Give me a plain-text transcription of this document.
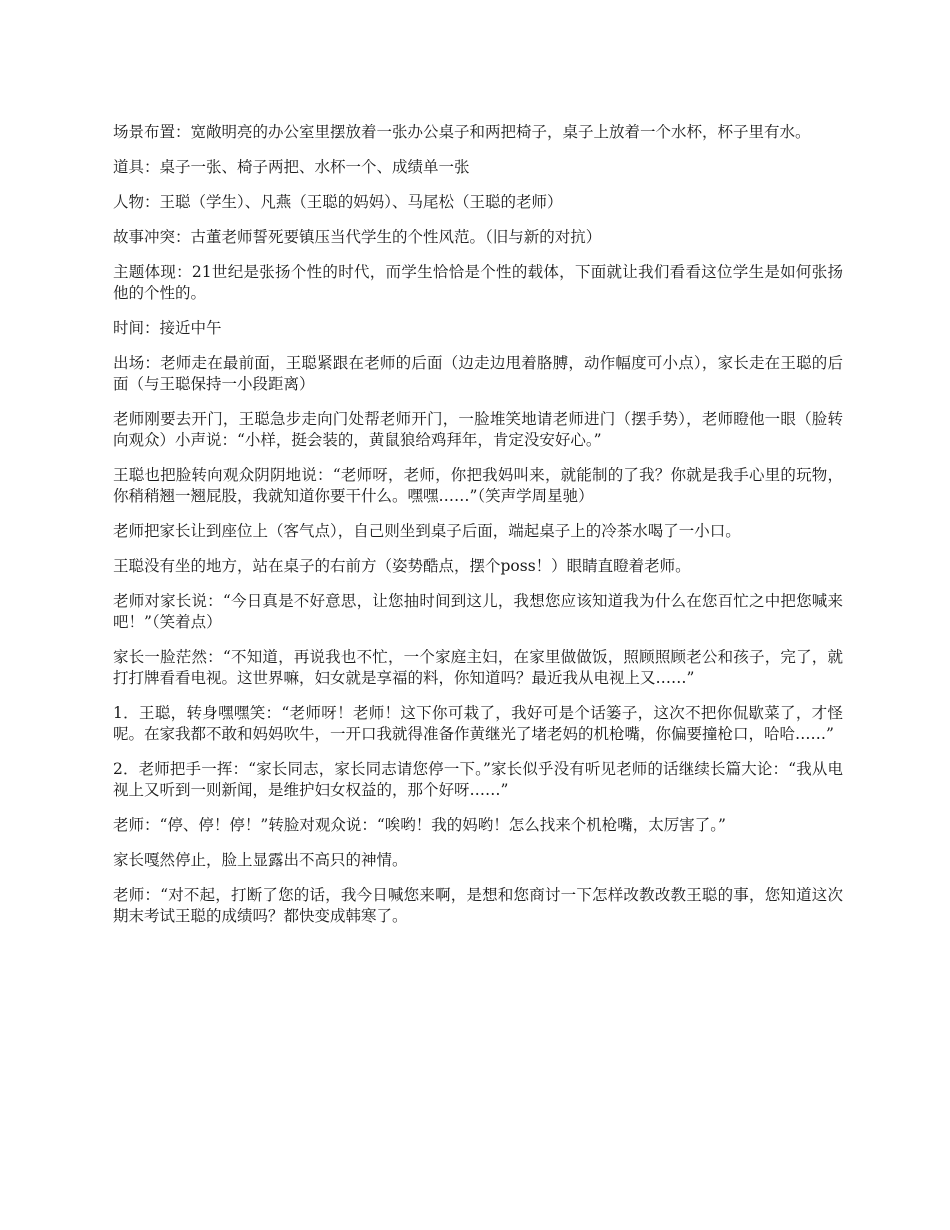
场景布置：宽敞明亮的办公室里摆放着一张办公桌子和两把椅子，桌子上放着一个水杯，杯子里有水。

道具：桌子一张、椅子两把、水杯一个、成绩单一张

人物：王聪（学生）、凡燕（王聪的妈妈）、马尾松（王聪的老师）

故事冲突：古董老师誓死要镇压当代学生的个性风范。（旧与新的对抗）

主题体现：21世纪是张扬个性的时代，而学生恰恰是个性的载体，下面就让我们看看这位学生是如何张扬他的个性的。

时间：接近中午

出场：老师走在最前面，王聪紧跟在老师的后面（边走边甩着胳膊，动作幅度可小点），家长走在王聪的后面（与王聪保持一小段距离）

老师刚要去开门，王聪急步走向门处帮老师开门，一脸堆笑地请老师进门（摆手势），老师瞪他一眼（脸转向观众）小声说：“小样，挺会装的，黄鼠狼给鸡拜年，肯定没安好心。”

王聪也把脸转向观众阴阴地说：“老师呀，老师，你把我妈叫来，就能制的了我？你就是我手心里的玩物，你稍稍翘一翘屁股，我就知道你要干什么。嘿嘿……”（笑声学周星驰）

老师把家长让到座位上（客气点），自己则坐到桌子后面，端起桌子上的冷茶水喝了一小口。

王聪没有坐的地方，站在桌子的右前方（姿势酷点，摆个poss！）眼睛直瞪着老师。

老师对家长说：“今日真是不好意思，让您抽时间到这儿，我想您应该知道我为什么在您百忙之中把您喊来吧！”（笑着点）

家长一脸茫然：“不知道，再说我也不忙，一个家庭主妇，在家里做做饭，照顾照顾老公和孩子，完了，就打打牌看看电视。这世界嘛，妇女就是享福的料，你知道吗？最近我从电视上又……”

1．王聪，转身嘿嘿笑：“老师呀！老师！这下你可栽了，我好可是个话篓子，这次不把你侃歇菜了，才怪呢。在家我都不敢和妈妈吹牛，一开口我就得准备作黄继光了堵老妈的机枪嘴，你偏要撞枪口，哈哈……”

2．老师把手一挥：“家长同志，家长同志请您停一下。”家长似乎没有听见老师的话继续长篇大论：“我从电视上又听到一则新闻，是维护妇女权益的，那个好呀……”

老师：“停、停！停！”转脸对观众说：“唉哟！我的妈哟！怎么找来个机枪嘴，太厉害了。”

家长嘎然停止，脸上显露出不高只的神情。

老师：“对不起，打断了您的话，我今日喊您来啊，是想和您商讨一下怎样改教改教王聪的事，您知道这次期末考试王聪的成绩吗？都快变成韩寒了。
